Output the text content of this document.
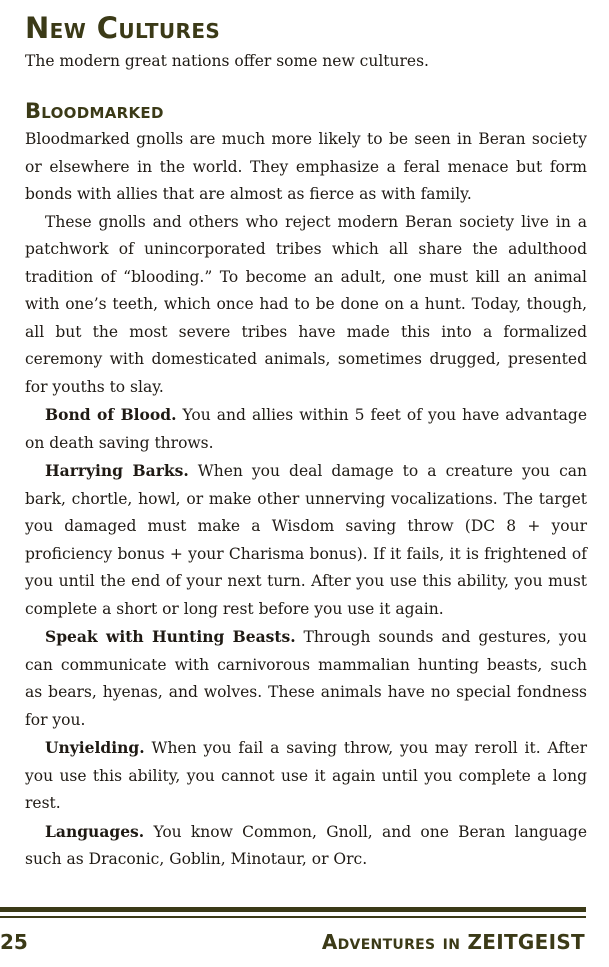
New Cultures

The modern great nations offer some new cultures.

Bloodmarked

Bloodmarked gnolls are much more likely to be seen in Beran society or elsewhere in the world. They emphasize a feral menace but form bonds with allies that are almost as fierce as with family.

These gnolls and others who reject modern Beran society live in a patchwork of unincorporated tribes which all share the adulthood tradition of “blooding.” To become an adult, one must kill an animal with one’s teeth, which once had to be done on a hunt. Today, though, all but the most severe tribes have made this into a formalized ceremony with domesticated animals, sometimes drugged, presented for youths to slay.

Bond of Blood. You and allies within 5 feet of you have advantage on death saving throws.

Harrying Barks. When you deal damage to a creature you can bark, chortle, howl, or make other unnerving vocalizations. The target you damaged must make a Wisdom saving throw (DC 8 + your proficiency bonus + your Charisma bonus). If it fails, it is frightened of you until the end of your next turn. After you use this ability, you must complete a short or long rest before you use it again.

Speak with Hunting Beasts. Through sounds and gestures, you can communicate with carnivorous mammalian hunting beasts, such as bears, hyenas, and wolves. These animals have no special fondness for you.

Unyielding. When you fail a saving throw, you may reroll it. After you use this ability, you cannot use it again until you complete a long rest.

Languages. You know Common, Gnoll, and one Beran language such as Draconic, Goblin, Minotaur, or Orc.

25	Adventures in ZEITGEIST
